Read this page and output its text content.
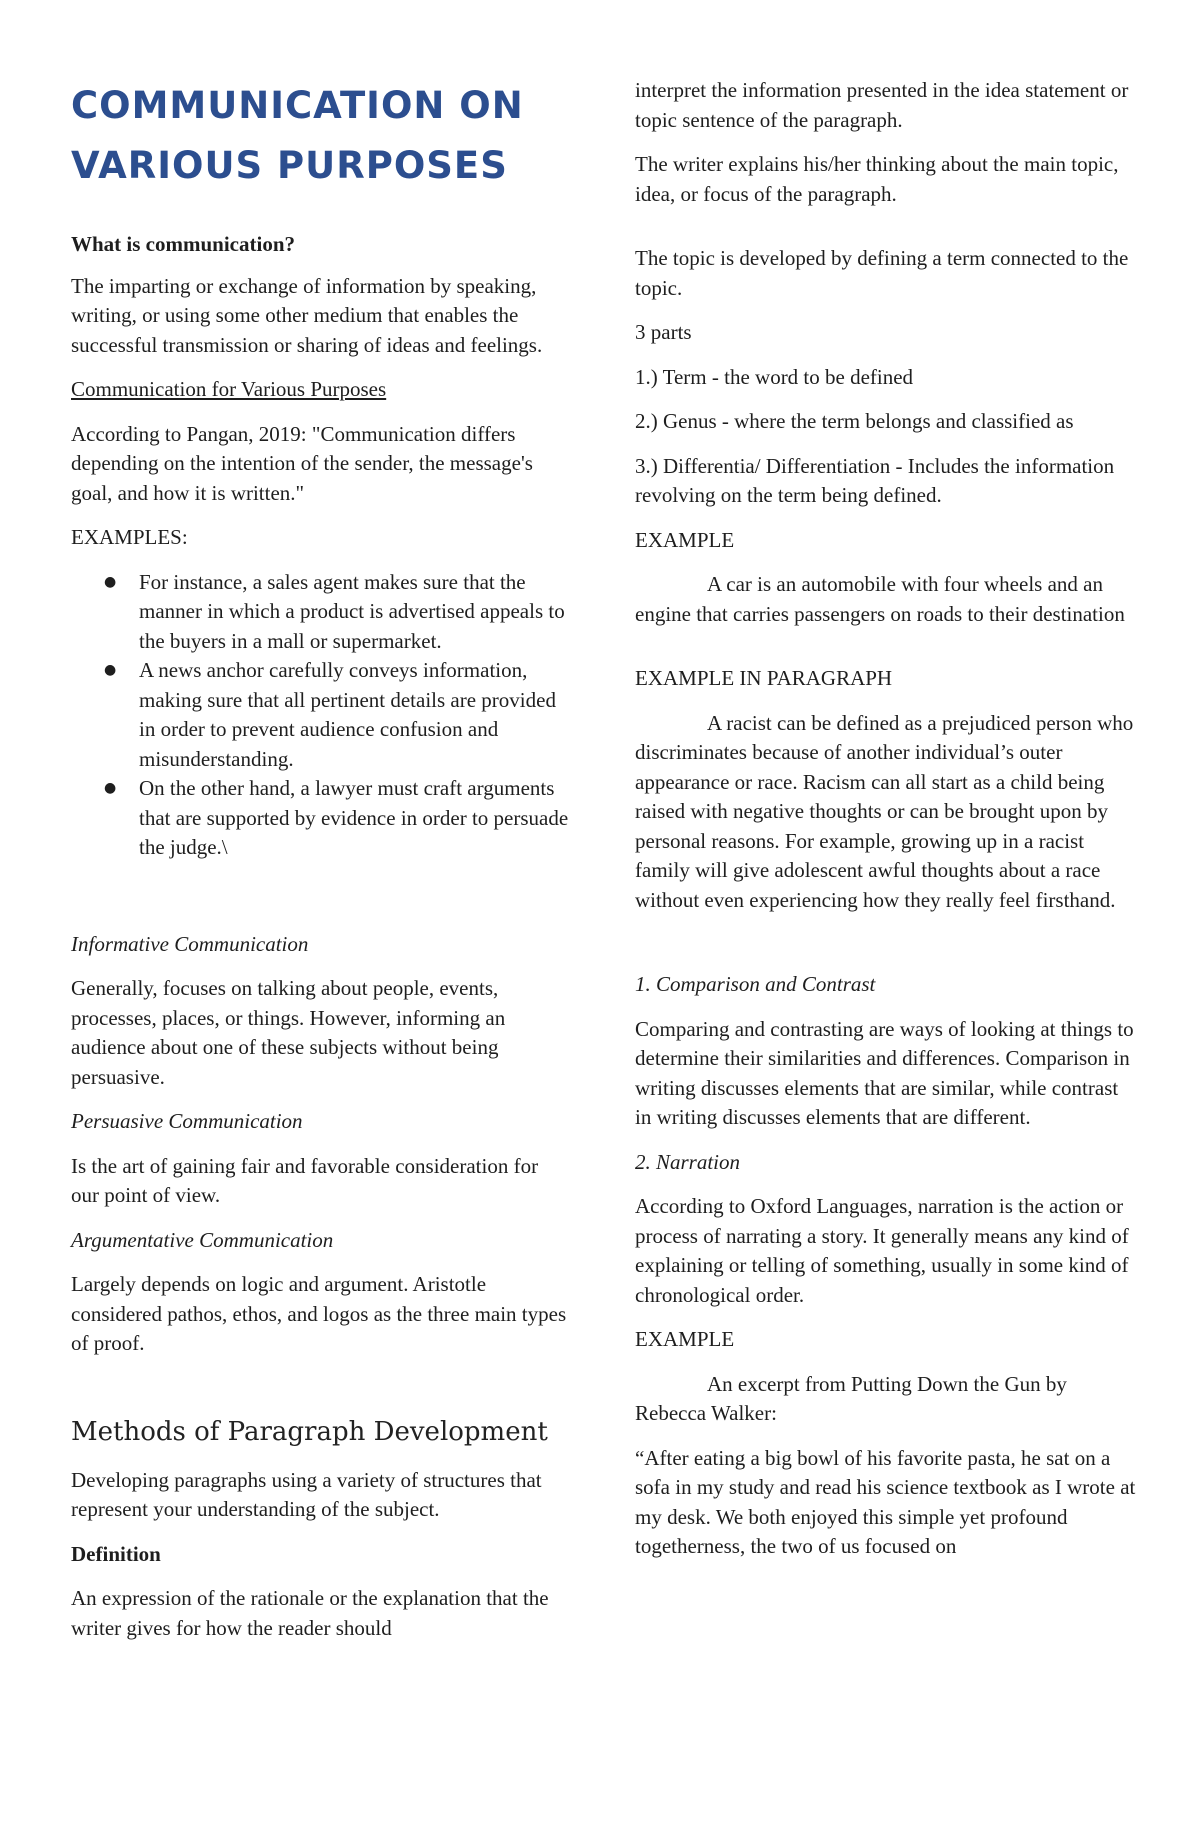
COMMUNICATION ON
VARIOUS PURPOSES

What is communication?

The imparting or exchange of information by speaking, writing, or using some other medium that enables the successful transmission or sharing of ideas and feelings.

Communication for Various Purposes

According to Pangan, 2019: "Communication differs depending on the intention of the sender, the message's goal, and how it is written."

EXAMPLES:

● For instance, a sales agent makes sure that the manner in which a product is advertised appeals to the buyers in a mall or supermarket.
● A news anchor carefully conveys information, making sure that all pertinent details are provided in order to prevent audience confusion and misunderstanding.
● On the other hand, a lawyer must craft arguments that are supported by evidence in order to persuade the judge.\

Informative Communication

Generally, focuses on talking about people, events, processes, places, or things. However, informing an audience about one of these subjects without being persuasive.

Persuasive Communication

Is the art of gaining fair and favorable consideration for our point of view.

Argumentative Communication

Largely depends on logic and argument. Aristotle considered pathos, ethos, and logos as the three main types of proof.

Methods of Paragraph Development

Developing paragraphs using a variety of structures that represent your understanding of the subject.

Definition

An expression of the rationale or the explanation that the writer gives for how the reader should

interpret the information presented in the idea statement or topic sentence of the paragraph.

The writer explains his/her thinking about the main topic, idea, or focus of the paragraph.

The topic is developed by defining a term connected to the topic.

3 parts

1.) Term - the word to be defined

2.) Genus - where the term belongs and classified as

3.) Differentia/ Differentiation - Includes the information revolving on the term being defined.

EXAMPLE

A car is an automobile with four wheels and an engine that carries passengers on roads to their destination

EXAMPLE IN PARAGRAPH

A racist can be defined as a prejudiced person who discriminates because of another individual’s outer appearance or race. Racism can all start as a child being raised with negative thoughts or can be brought upon by personal reasons. For example, growing up in a racist family will give adolescent awful thoughts about a race without even experiencing how they really feel firsthand.

1. Comparison and Contrast

Comparing and contrasting are ways of looking at things to determine their similarities and differences. Comparison in writing discusses elements that are similar, while contrast in writing discusses elements that are different.

2. Narration

According to Oxford Languages, narration is the action or process of narrating a story. It generally means any kind of explaining or telling of something, usually in some kind of chronological order.

EXAMPLE

An excerpt from Putting Down the Gun by Rebecca Walker:

“After eating a big bowl of his favorite pasta, he sat on a sofa in my study and read his science textbook as I wrote at my desk. We both enjoyed this simple yet profound togetherness, the two of us focused on
